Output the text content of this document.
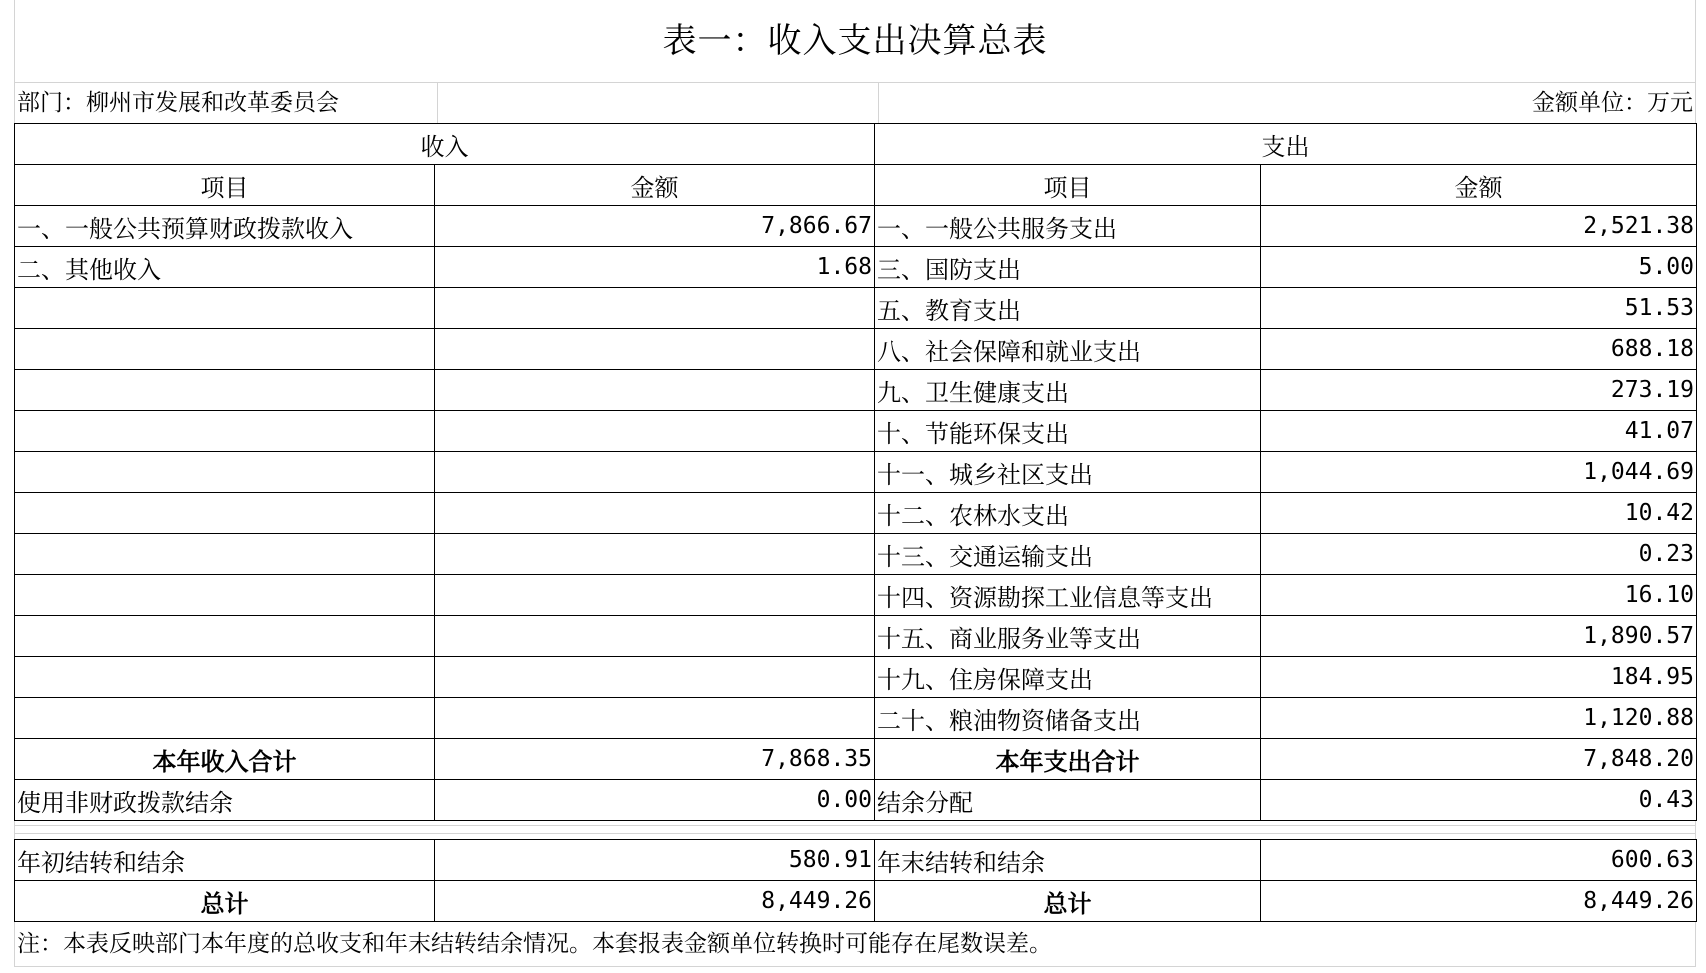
表一：收入支出决算总表
部门：柳州市发展和改革委员会	金额单位：万元
收入		支出	
项目	金额	项目	金额
一、一般公共预算财政拨款收入	7,866.67	一、一般公共服务支出	2,521.38
二、其他收入	1.68	三、国防支出	5.00
		五、教育支出	51.53
		八、社会保障和就业支出	688.18
		九、卫生健康支出	273.19
		十、节能环保支出	41.07
		十一、城乡社区支出	1,044.69
		十二、农林水支出	10.42
		十三、交通运输支出	0.23
		十四、资源勘探工业信息等支出	16.10
		十五、商业服务业等支出	1,890.57
		十九、住房保障支出	184.95
		二十、粮油物资储备支出	1,120.88
本年收入合计	7,868.35	本年支出合计	7,848.20
使用非财政拨款结余	0.00	结余分配	0.43
年初结转和结余	580.91	年末结转和结余	600.63
总计	8,449.26	总计	8,449.26
注：本表反映部门本年度的总收支和年末结转结余情况。本套报表金额单位转换时可能存在尾数误差。
